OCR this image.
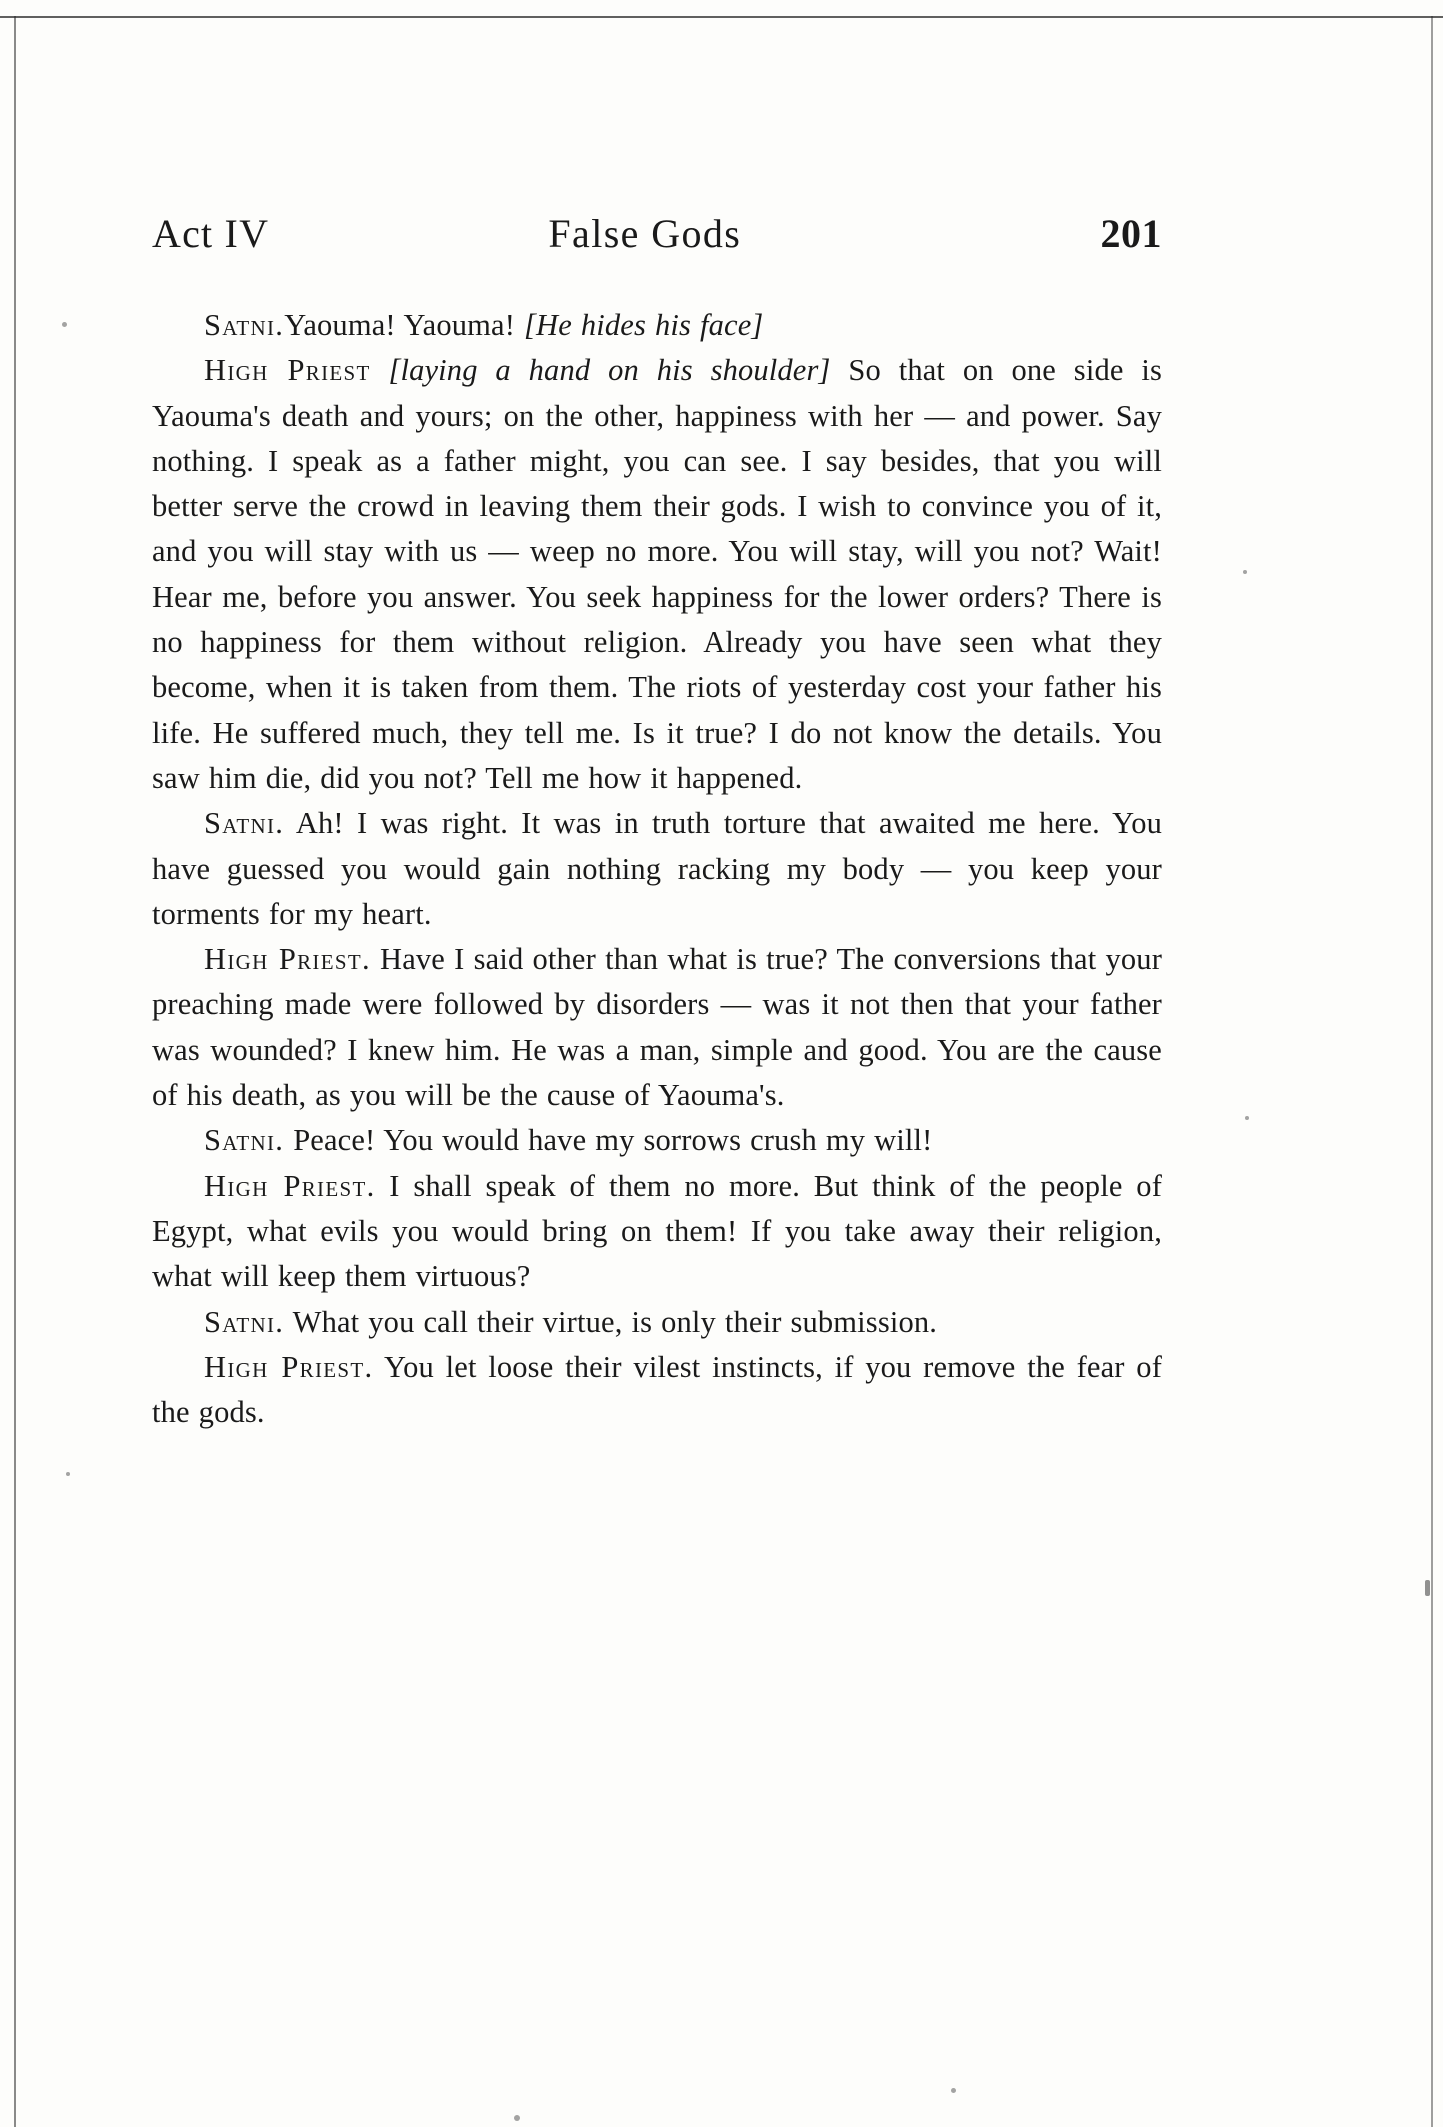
Act IV	False Gods	201

Satni.Yaouma! Yaouma! [He hides his face]

High Priest [laying a hand on his shoulder] So that on one side is Yaouma's death and yours; on the other, happiness with her — and power. Say nothing. I speak as a father might, you can see. I say besides, that you will better serve the crowd in leaving them their gods. I wish to convince you of it, and you will stay with us — weep no more. You will stay, will you not? Wait! Hear me, before you answer. You seek happiness for the lower orders? There is no happiness for them without religion. Already you have seen what they become, when it is taken from them. The riots of yesterday cost your father his life. He suffered much, they tell me. Is it true? I do not know the details. You saw him die, did you not? Tell me how it happened.

Satni. Ah! I was right. It was in truth torture that awaited me here. You have guessed you would gain nothing racking my body — you keep your torments for my heart.

High Priest. Have I said other than what is true? The conversions that your preaching made were followed by disorders — was it not then that your father was wounded? I knew him. He was a man, simple and good. You are the cause of his death, as you will be the cause of Yaouma's.

Satni. Peace! You would have my sorrows crush my will!

High Priest. I shall speak of them no more. But think of the people of Egypt, what evils you would bring on them! If you take away their religion, what will keep them virtuous?

Satni. What you call their virtue, is only their submission.

High Priest. You let loose their vilest instincts, if you remove the fear of the gods.
